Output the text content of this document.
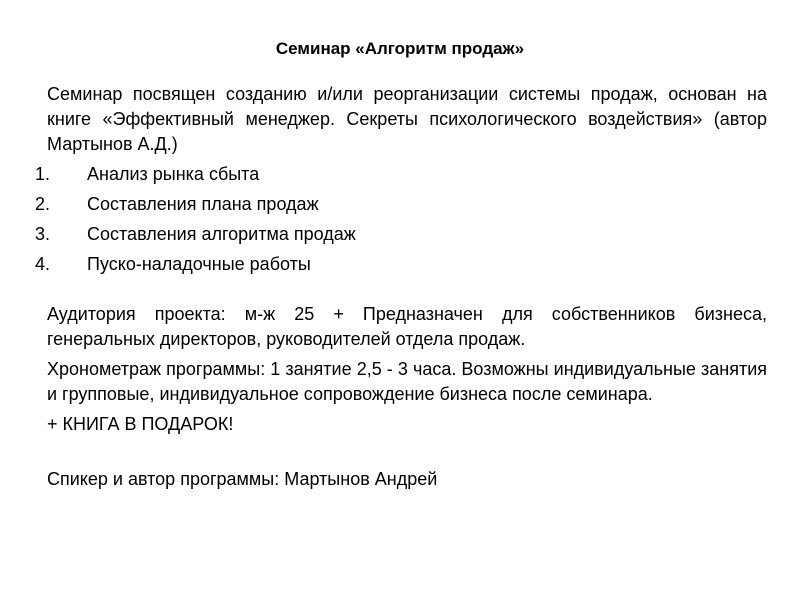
Семинар «Алгоритм продаж»

Семинар посвящен созданию и/или реорганизации системы продаж, основан на книге «Эффективный менеджер. Секреты психологического воздействия» (автор Мартынов А.Д.)

1.	Анализ рынка сбыта
2.	Составления плана продаж
3.	Составления алгоритма продаж
4.	Пуско-наладочные работы

Аудитория проекта: м-ж 25 + Предназначен для собственников бизнеса, генеральных директоров, руководителей отдела продаж.

Хронометраж программы: 1 занятие 2,5 - 3 часа. Возможны индивидуальные занятия и групповые, индивидуальное сопровождение бизнеса после семинара.

+ КНИГА В ПОДАРОК!

Спикер и автор программы: Мартынов Андрей
